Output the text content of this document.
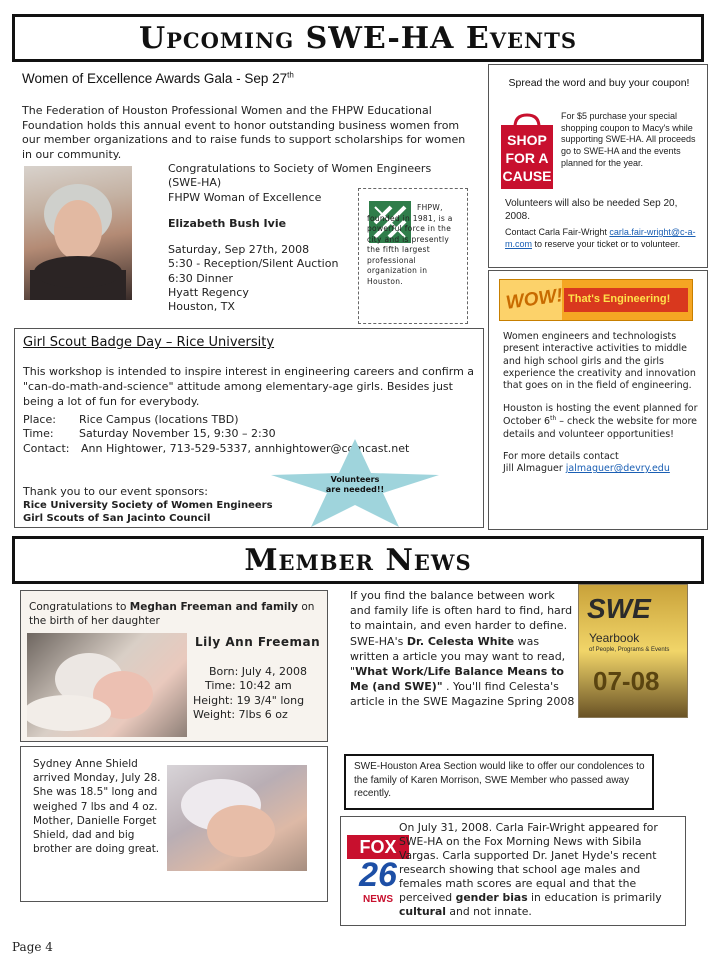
Upcoming SWE-HA Events
Women of Excellence Awards Gala - Sep 27th
The Federation of Houston Professional Women and the FHPW Educational Foundation holds this annual event to honor outstanding business women from our member organizations and to raise funds to support scholarships for women in our community.
Congratulations to Society of Women Engineers (SWE-HA)
FHPW Woman of Excellence
Elizabeth Bush Ivie
Saturday, Sep 27th, 2008
5:30 - Reception/Silent Auction
6:30 Dinner
Hyatt Regency
Houston, TX
FHPW, founded in 1981, is a powerful force in the city and is presently the fifth largest professional organization in Houston.
Spread the word and buy your coupon!
SHOP
FOR A
CAUSE
For $5 purchase your special shopping coupon to Macy's while supporting SWE-HA. All proceeds go to SWE-HA and the events planned for the year.
Volunteers will also be needed Sep 20, 2008.
Contact Carla Fair-Wright carla.fair-wright@c-a-m.com to reserve your ticket or to volunteer.
WOW! That's Engineering!
Women engineers and technologists present interactive activities to middle and high school girls and the girls experience the creativity and innovation that goes on in the field of engineering.
Houston is hosting the event planned for October 6th – check the website for more details and volunteer opportunities!
For more details contact
Jill Almaguer jalmaguer@devry.edu
Girl Scout Badge Day – Rice University
This workshop is intended to inspire interest in engineering careers and confirm a "can-do-math-and-science" attitude among elementary-age girls. Besides just being a lot of fun for everybody.
Place: Rice Campus (locations TBD)
Time: Saturday November 15, 9:30 – 2:30
Contact: Ann Hightower, 713-529-5337, annhightower@comcast.net
Volunteers are needed!!
Thank you to our event sponsors:
Rice University Society of Women Engineers
Girl Scouts of San Jacinto Council
Member News
Congratulations to Meghan Freeman and family on the birth of her daughter
Lily Ann Freeman
Born: July 4, 2008
Time: 10:42 am
Height: 19 3/4" long
Weight: 7lbs 6 oz
Sydney Anne Shield arrived Monday, July 28. She was 18.5" long and weighed 7 lbs and 4 oz. Mother, Danielle Forget Shield, dad and big brother are doing great.
If you find the balance between work and family life is often hard to find, hard to maintain, and even harder to define. SWE-HA's Dr. Celesta White was written a article you may want to read, "What Work/Life Balance Means to Me (and SWE)" . You'll find Celesta's article in the SWE Magazine Spring 2008
SWE
Yearbook
of People, Programs & Events
07-08
SWE-Houston Area Section would like to offer our condolences to the family of Karen Morrison, SWE Member who passed away recently.
FOX
26
NEWS
On July 31, 2008. Carla Fair-Wright appeared for SWE-HA on the Fox Morning News with Sibila Vargas. Carla supported Dr. Janet Hyde's recent research showing that school age males and females math scores are equal and that the perceived gender bias in education is primarily cultural and not innate.
Page 4
